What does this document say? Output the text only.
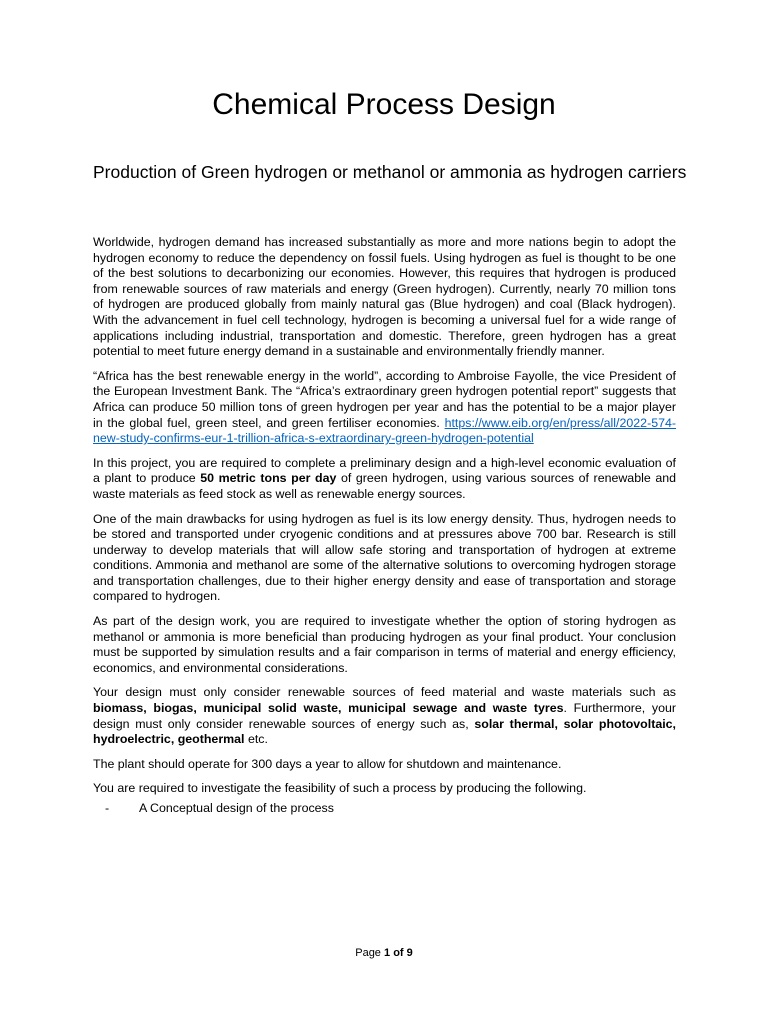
Chemical Process Design
Production of Green hydrogen or methanol or ammonia as hydrogen carriers

Worldwide, hydrogen demand has increased substantially as more and more nations begin to adopt the hydrogen economy to reduce the dependency on fossil fuels. Using hydrogen as fuel is thought to be one of the best solutions to decarbonizing our economies. However, this requires that hydrogen is produced from renewable sources of raw materials and energy (Green hydrogen). Currently, nearly 70 million tons of hydrogen are produced globally from mainly natural gas (Blue hydrogen) and coal (Black hydrogen). With the advancement in fuel cell technology, hydrogen is becoming a universal fuel for a wide range of applications including industrial, transportation and domestic. Therefore, green hydrogen has a great potential to meet future energy demand in a sustainable and environmentally friendly manner.

“Africa has the best renewable energy in the world”, according to Ambroise Fayolle, the vice President of the European Investment Bank. The “Africa’s extraordinary green hydrogen potential report” suggests that Africa can produce 50 million tons of green hydrogen per year and has the potential to be a major player in the global fuel, green steel, and green fertiliser economies. https://www.eib.org/en/press/all/2022-574-new-study-confirms-eur-1-trillion-africa-s-extraordinary-green-hydrogen-potential

In this project, you are required to complete a preliminary design and a high-level economic evaluation of a plant to produce 50 metric tons per day of green hydrogen, using various sources of renewable and waste materials as feed stock as well as renewable energy sources.

One of the main drawbacks for using hydrogen as fuel is its low energy density. Thus, hydrogen needs to be stored and transported under cryogenic conditions and at pressures above 700 bar. Research is still underway to develop materials that will allow safe storing and transportation of hydrogen at extreme conditions. Ammonia and methanol are some of the alternative solutions to overcoming hydrogen storage and transportation challenges, due to their higher energy density and ease of transportation and storage compared to hydrogen.

As part of the design work, you are required to investigate whether the option of storing hydrogen as methanol or ammonia is more beneficial than producing hydrogen as your final product. Your conclusion must be supported by simulation results and a fair comparison in terms of material and energy efficiency, economics, and environmental considerations.

Your design must only consider renewable sources of feed material and waste materials such as biomass, biogas, municipal solid waste, municipal sewage and waste tyres. Furthermore, your design must only consider renewable sources of energy such as, solar thermal, solar photovoltaic, hydroelectric, geothermal etc.

The plant should operate for 300 days a year to allow for shutdown and maintenance.

You are required to investigate the feasibility of such a process by producing the following.

-	A Conceptual design of the process
Page 1 of 9
